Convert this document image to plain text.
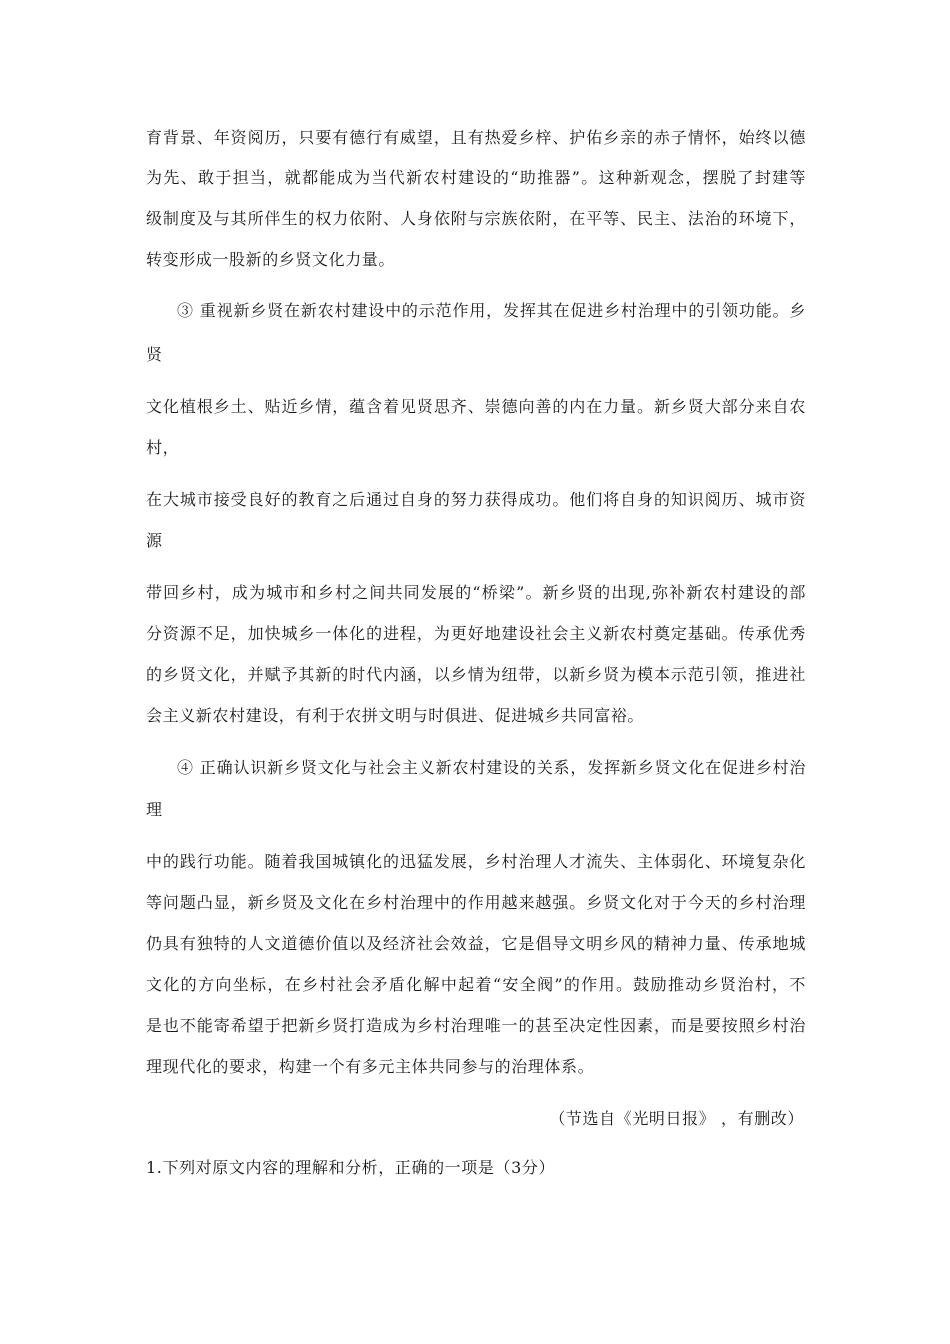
育背景、年资阅历，只要有德行有威望，且有热爱乡梓、护佑乡亲的赤子情怀，始终以德
为先、敢于担当，就都能成为当代新农村建设的“助推器”。这种新观念，摆脱了封建等
级制度及与其所伴生的权力依附、人身依附与宗族依附，在平等、民主、法治的环境下，
转变形成一股新的乡贤文化力量。
③ 重视新乡贤在新农村建设中的示范作用，发挥其在促进乡村治理中的引领功能。乡
贤
文化植根乡土、贴近乡情，蕴含着见贤思齐、崇德向善的内在力量。新乡贤大部分来自农
村，
在大城市接受良好的教育之后通过自身的努力获得成功。他们将自身的知识阅历、城市资
源
带回乡村，成为城市和乡村之间共同发展的“桥梁”。新乡贤的出现,弥补新农村建设的部
分资源不足，加快城乡一体化的进程，为更好地建设社会主义新农村奠定基础。传承优秀
的乡贤文化，并赋予其新的时代内涵，以乡情为纽带，以新乡贤为模本示范引领，推进社
会主义新农村建设，有利于农拼文明与时俱进、促进城乡共同富裕。
④ 正确认识新乡贤文化与社会主义新农村建设的关系，发挥新乡贤文化在促进乡村治
理
中的践行功能。随着我国城镇化的迅猛发展，乡村治理人才流失、主体弱化、环境复杂化
等问题凸显，新乡贤及文化在乡村治理中的作用越来越强。乡贤文化对于今天的乡村治理
仍具有独特的人文道德价值以及经济社会效益，它是倡导文明乡风的精神力量、传承地城
文化的方向坐标，在乡村社会矛盾化解中起着“安全阀”的作用。鼓励推动乡贤治村，不
是也不能寄希望于把新乡贤打造成为乡村治理唯一的甚至决定性因素，而是要按照乡村治
理现代化的要求，构建一个有多元主体共同参与的治理体系。
（节选自《光明日报》 ，有删改）
1.下列对原文内容的理解和分析，正确的一项是（3分）
